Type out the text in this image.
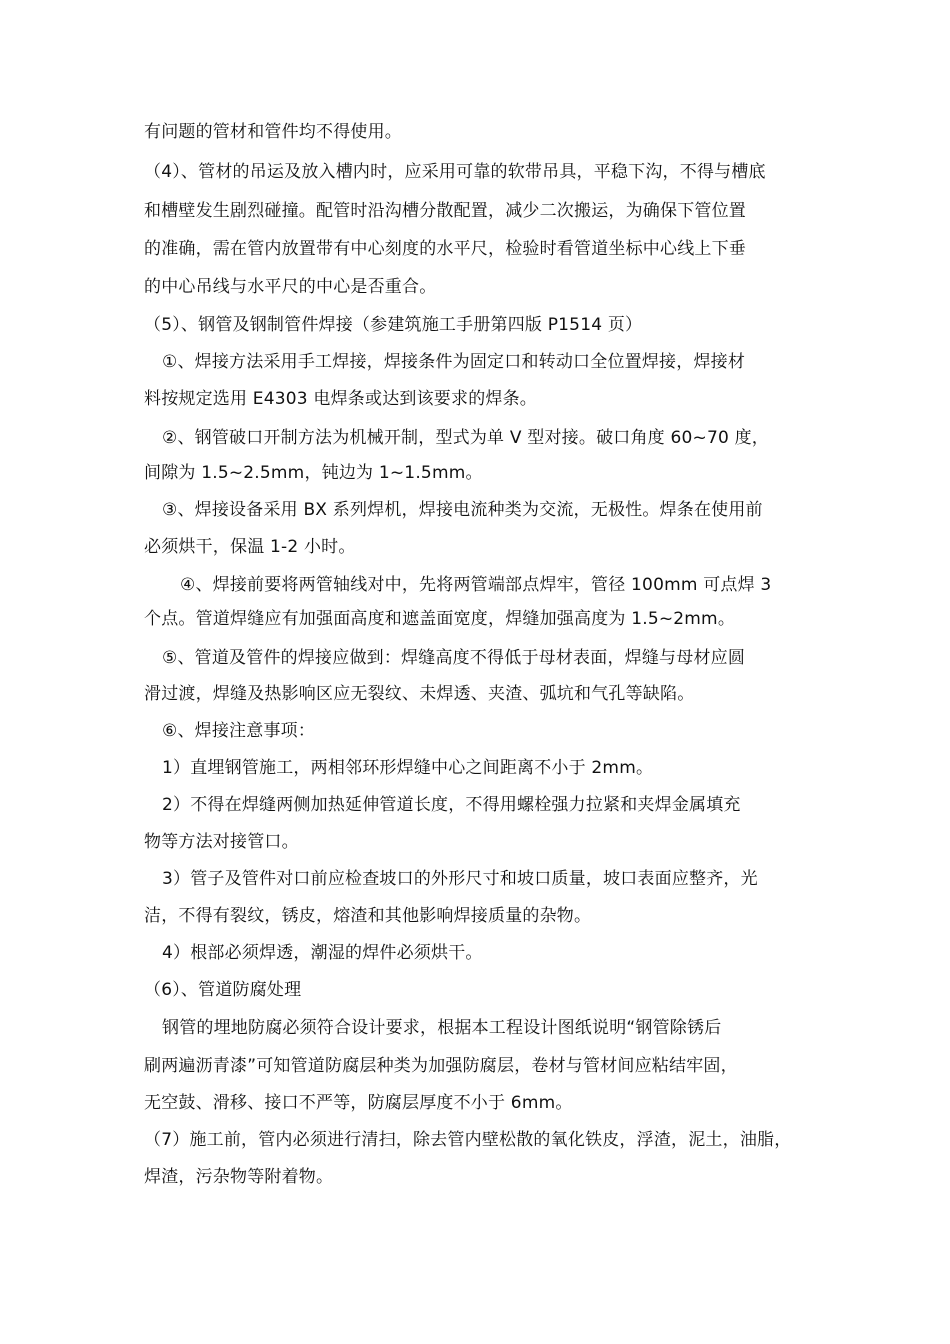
有问题的管材和管件均不得使用。
（4）、管材的吊运及放入槽内时，应采用可靠的软带吊具，平稳下沟，不得与槽底
和槽壁发生剧烈碰撞。配管时沿沟槽分散配置，减少二次搬运，为确保下管位置
的准确，需在管内放置带有中心刻度的水平尺，检验时看管道坐标中心线上下垂
的中心吊线与水平尺的中心是否重合。
（5）、钢管及钢制管件焊接（参建筑施工手册第四版 P1514 页）
①、焊接方法采用手工焊接，焊接条件为固定口和转动口全位置焊接，焊接材
料按规定选用 E4303 电焊条或达到该要求的焊条。
②、钢管破口开制方法为机械开制，型式为单 V 型对接。破口角度 60~70 度，
间隙为 1.5~2.5mm，钝边为 1~1.5mm。
③、焊接设备采用 BX 系列焊机，焊接电流种类为交流，无极性。焊条在使用前
必须烘干，保温 1-2 小时。
④、焊接前要将两管轴线对中，先将两管端部点焊牢，管径 100mm 可点焊 3
个点。管道焊缝应有加强面高度和遮盖面宽度，焊缝加强高度为 1.5~2mm。
⑤、管道及管件的焊接应做到：焊缝高度不得低于母材表面，焊缝与母材应圆
滑过渡，焊缝及热影响区应无裂纹、未焊透、夹渣、弧坑和气孔等缺陷。
⑥、焊接注意事项：
1）直埋钢管施工，两相邻环形焊缝中心之间距离不小于 2mm。
2）不得在焊缝两侧加热延伸管道长度，不得用螺栓强力拉紧和夹焊金属填充
物等方法对接管口。
3）管子及管件对口前应检查坡口的外形尺寸和坡口质量，坡口表面应整齐，光
洁，不得有裂纹，锈皮，熔渣和其他影响焊接质量的杂物。
4）根部必须焊透，潮湿的焊件必须烘干。
（6）、管道防腐处理
钢管的埋地防腐必须符合设计要求，根据本工程设计图纸说明“钢管除锈后
刷两遍沥青漆”可知管道防腐层种类为加强防腐层，卷材与管材间应粘结牢固，
无空鼓、滑移、接口不严等，防腐层厚度不小于 6mm。
（7）施工前，管内必须进行清扫，除去管内壁松散的氧化铁皮，浮渣，泥土，油脂，
焊渣，污杂物等附着物。
